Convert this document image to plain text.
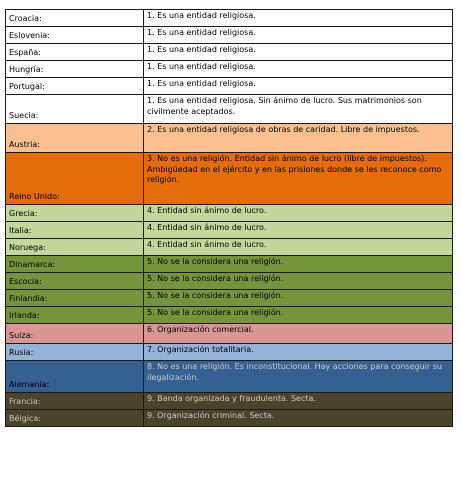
Croacia:	1. Es una entidad religiosa.
Eslovenia:	1. Es una entidad religiosa.
España:	1. Es una entidad religiosa.
Hungría:	1. Es una entidad religiosa.
Portugal:	1. Es una entidad religiosa.
Suecia:	1. Es una entidad religiosa. Sin ánimo de lucro. Sus matrimonios son civilmente aceptados.
Austria:	2. Es una entidad religiosa de obras de caridad. Libre de impuestos.
Reino Unido:	3. No es una religión. Entidad sin ánimo de lucro (libre de impuestos). Ambigüedad en el ejército y en las prisiones donde se les reconoce como religión.
Grecia:	4. Entidad sin ánimo de lucro.
Italia:	4. Entidad sin ánimo de lucro.
Noruega:	4. Entidad sin ánimo de lucro.
Dinamarca:	5. No se la considera una religión.
Escocia:	5. No se la considera una religión.
Finlandia:	5. No se la considera una religión.
Irlanda:	5. No se la considera una religión.
Suiza:	6. Organización comercial.
Rusia:	7. Organización totalitaria.
Alemania:	8. No es una religión. Es inconstitucional. Hay acciones para conseguir su ilegalización.
Francia:	9. Banda organizada y fraudulenta. Secta.
Bélgica:	9. Organización criminal. Secta.
